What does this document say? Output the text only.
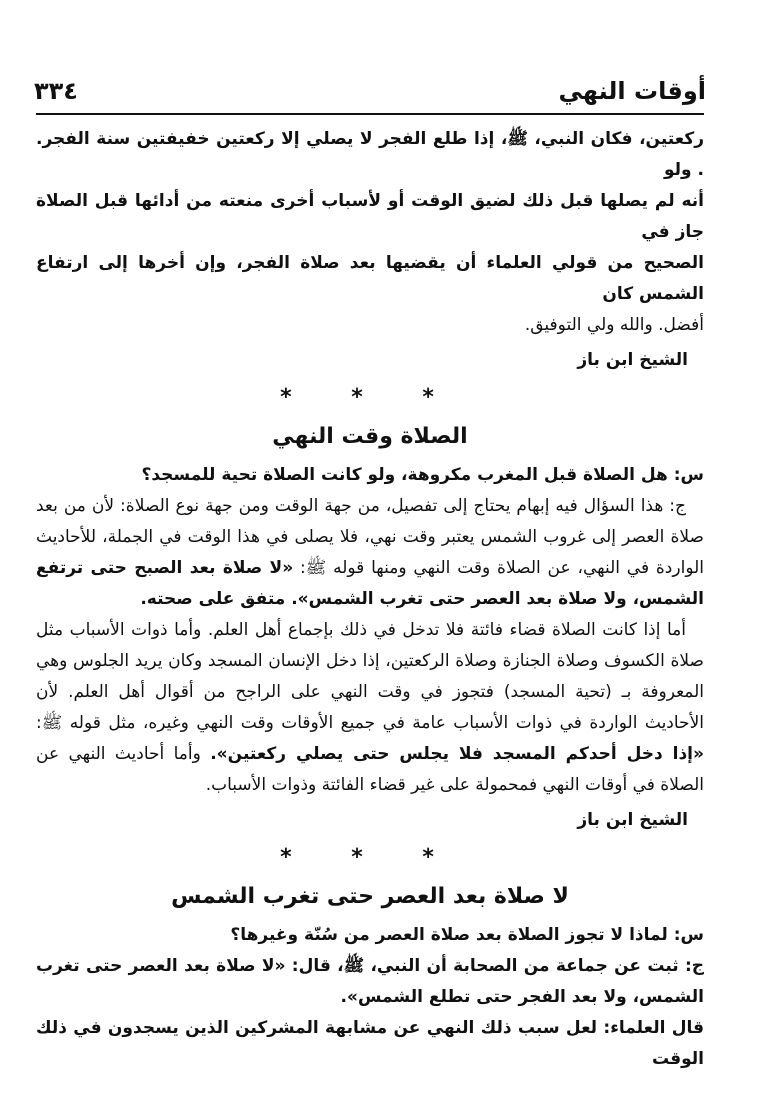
أوقات النهي
٣٣٤

ركعتين، فكان النبي، ﷺ، إذا طلع الفجر لا يصلي إلا ركعتين خفيفتين سنة الفجر. . ولو

أنه لم يصلها قبل ذلك لضيق الوقت أو لأسباب أخرى منعته من أدائها قبل الصلاة جاز في

الصحيح من قولي العلماء أن يقضيها بعد صلاة الفجر، وإن أخرها إلى ارتفاع الشمس كان

أفضل. والله ولي التوفيق.

الشيخ ابن باز

* * *

الصلاة وقت النهي

س: هل الصلاة قبل المغرب مكروهة، ولو كانت الصلاة تحية للمسجد؟

ج: هذا السؤال فيه إبهام يحتاج إلى تفصيل، من جهة الوقت ومن جهة نوع الصلاة: لأن من بعد صلاة العصر إلى غروب الشمس يعتبر وقت نهي، فلا يصلى في هذا الوقت في الجملة، للأحاديث الواردة في النهي، عن الصلاة وقت النهي ومنها قوله ﷺ: «لا صلاة بعد الصبح حتى ترتفع الشمس، ولا صلاة بعد العصر حتى تغرب الشمس». متفق على صحته.

أما إذا كانت الصلاة قضاء فائتة فلا تدخل في ذلك بإجماع أهل العلم. وأما ذوات الأسباب مثل صلاة الكسوف وصلاة الجنازة وصلاة الركعتين، إذا دخل الإنسان المسجد وكان يريد الجلوس وهي المعروفة بـ (تحية المسجد) فتجوز في وقت النهي على الراجح من أقوال أهل العلم. لأن الأحاديث الواردة في ذوات الأسباب عامة في جميع الأوقات وقت النهي وغيره، مثل قوله ﷺ: «إذا دخل أحدكم المسجد فلا يجلس حتى يصلي ركعتين». وأما أحاديث النهي عن الصلاة في أوقات النهي فمحمولة على غير قضاء الفائتة وذوات الأسباب.

الشيخ ابن باز

* * *

لا صلاة بعد العصر حتى تغرب الشمس

س: لماذا لا تجوز الصلاة بعد صلاة العصر من سُنّة وغيرها؟

ج: ثبت عن جماعة من الصحابة أن النبي، ﷺ، قال: «لا صلاة بعد العصر حتى تغرب الشمس، ولا بعد الفجر حتى تطلع الشمس».

قال العلماء: لعل سبب ذلك النهي عن مشابهة المشركين الذين يسجدون في ذلك الوقت
